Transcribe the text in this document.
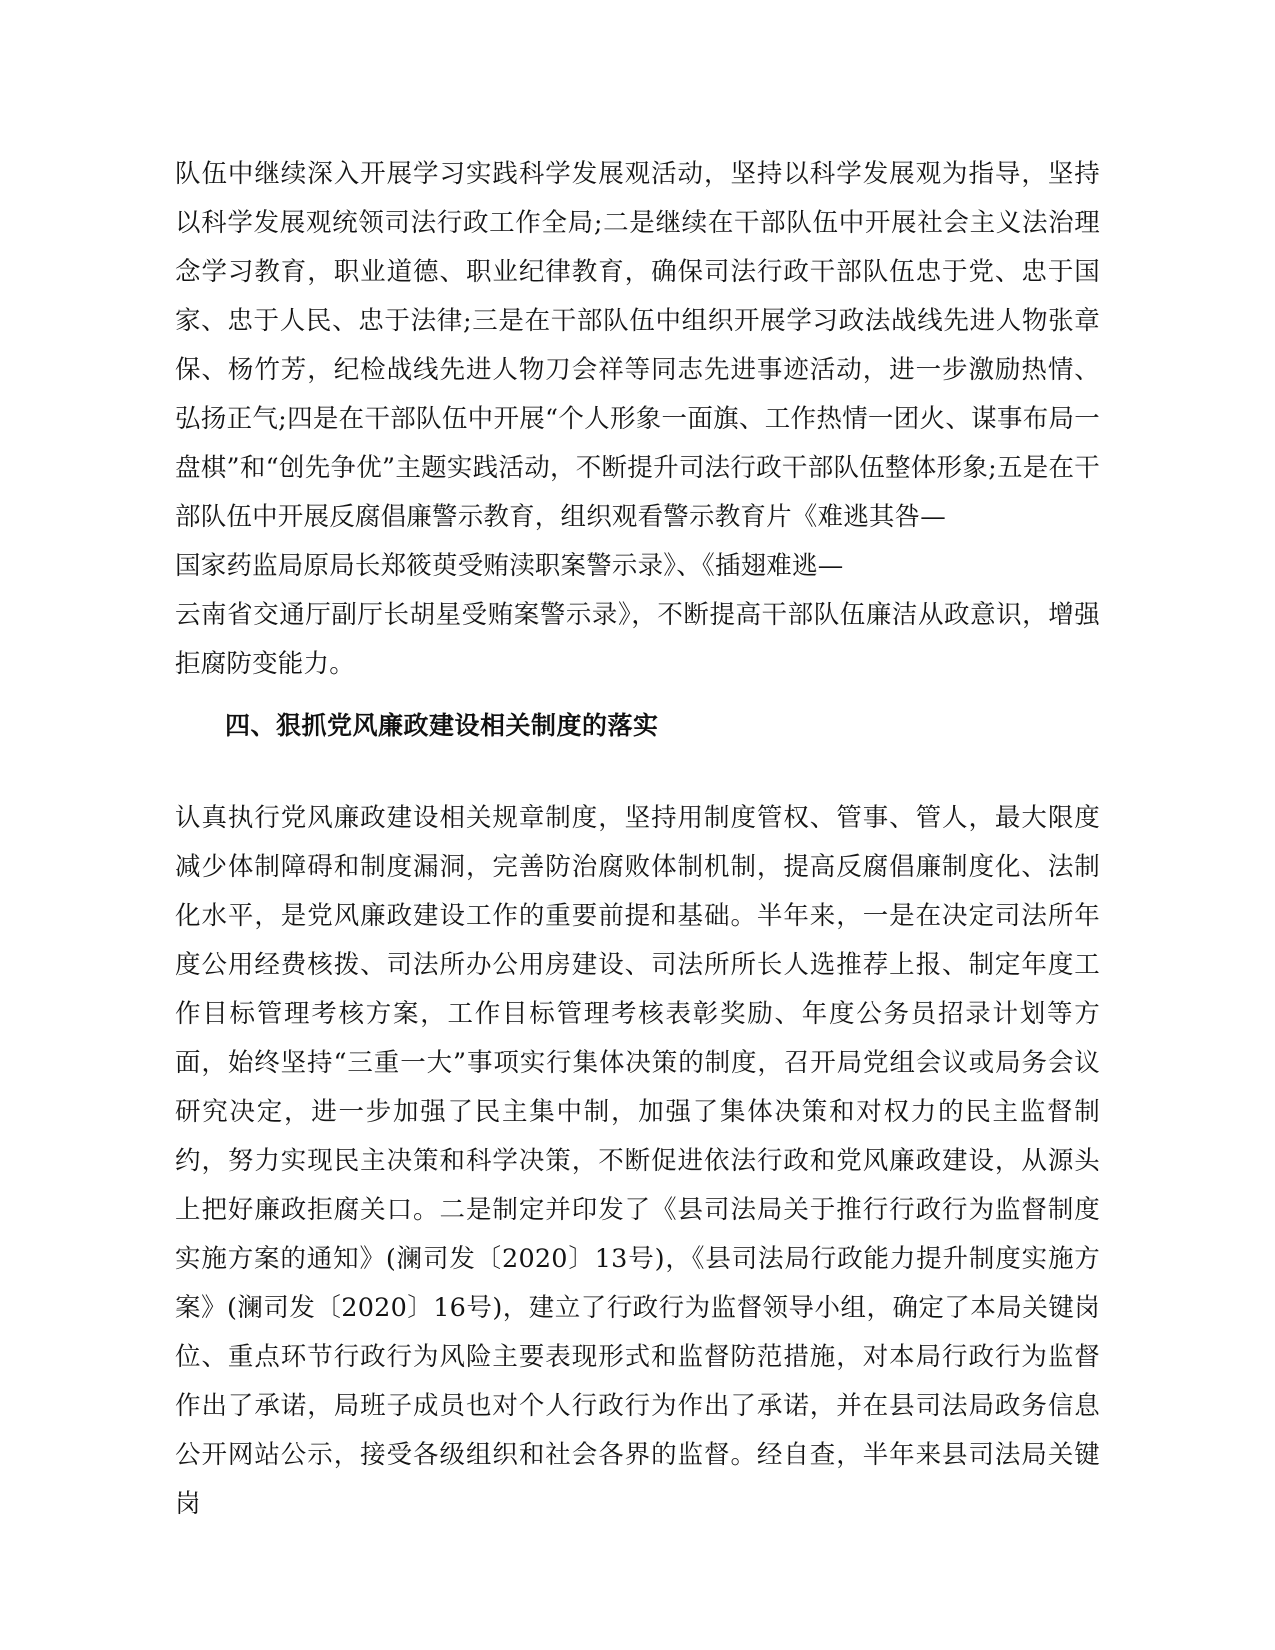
队伍中继续深入开展学习实践科学发展观活动，坚持以科学发展观为指导，坚持以科学发展观统领司法行政工作全局;二是继续在干部队伍中开展社会主义法治理念学习教育，职业道德、职业纪律教育，确保司法行政干部队伍忠于党、忠于国家、忠于人民、忠于法律;三是在干部队伍中组织开展学习政法战线先进人物张章保、杨竹芳，纪检战线先进人物刀会祥等同志先进事迹活动，进一步激励热情、弘扬正气;四是在干部队伍中开展“个人形象一面旗、工作热情一团火、谋事布局一盘棋”和“创先争优”主题实践活动，不断提升司法行政干部队伍整体形象;五是在干部队伍中开展反腐倡廉警示教育，组织观看警示教育片《难逃其咎—

国家药监局原局长郑筱萸受贿渎职案警示录》、《插翅难逃—

云南省交通厅副厅长胡星受贿案警示录》，不断提高干部队伍廉洁从政意识，增强拒腐防变能力。

四、狠抓党风廉政建设相关制度的落实

认真执行党风廉政建设相关规章制度，坚持用制度管权、管事、管人，最大限度减少体制障碍和制度漏洞，完善防治腐败体制机制，提高反腐倡廉制度化、法制化水平，是党风廉政建设工作的重要前提和基础。半年来，一是在决定司法所年度公用经费核拨、司法所办公用房建设、司法所所长人选推荐上报、制定年度工作目标管理考核方案，工作目标管理考核表彰奖励、年度公务员招录计划等方面，始终坚持“三重一大”事项实行集体决策的制度，召开局党组会议或局务会议研究决定，进一步加强了民主集中制，加强了集体决策和对权力的民主监督制约，努力实现民主决策和科学决策，不断促进依法行政和党风廉政建设，从源头上把好廉政拒腐关口。二是制定并印发了《县司法局关于推行行政行为监督制度实施方案的通知》(澜司发〔2020〕13号)，《县司法局行政能力提升制度实施方案》(澜司发〔2020〕16号)，建立了行政行为监督领导小组，确定了本局关键岗位、重点环节行政行为风险主要表现形式和监督防范措施，对本局行政行为监督作出了承诺，局班子成员也对个人行政行为作出了承诺，并在县司法局政务信息公开网站公示，接受各级组织和社会各界的监督。经自查，半年来县司法局关键岗
